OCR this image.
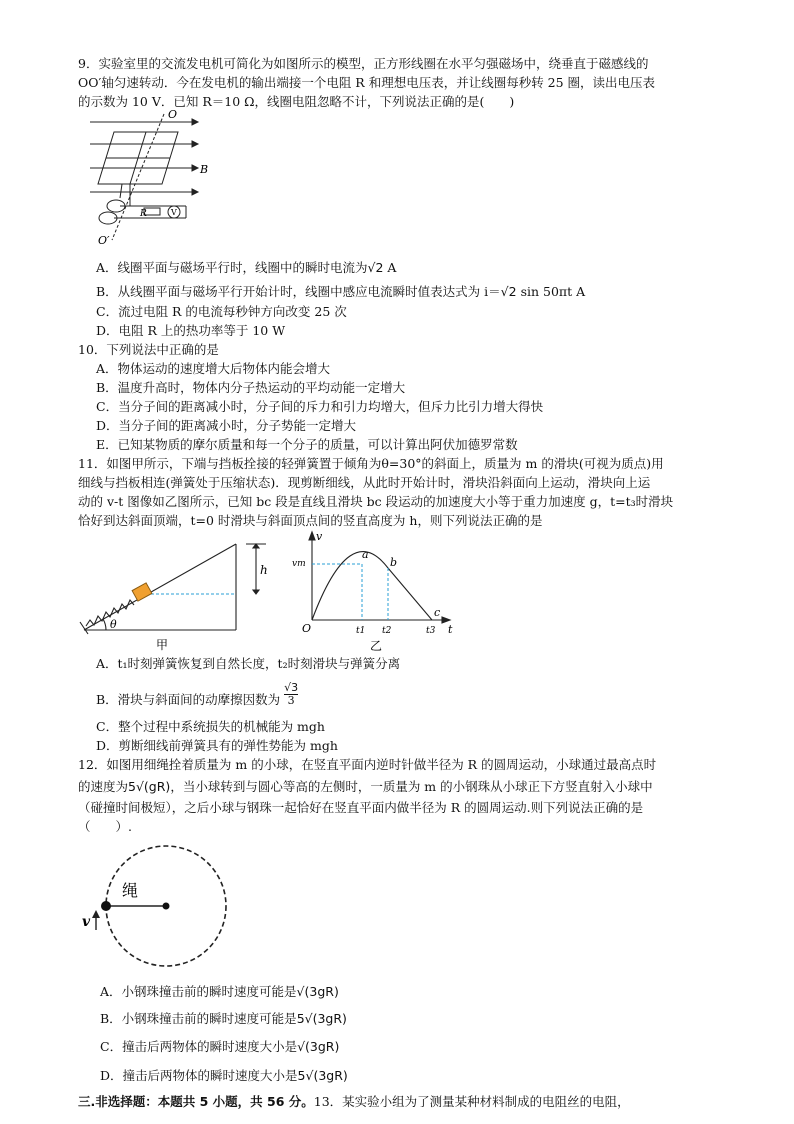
9．实验室里的交流发电机可简化为如图所示的模型，正方形线圈在水平匀强磁场中，绕垂直于磁感线的
OO′轴匀速转动．今在发电机的输出端接一个电阻 R 和理想电压表，并让线圈每秒转 25 圈，读出电压表
的示数为 10 V．已知 R＝10 Ω，线圈电阻忽略不计，下列说法正确的是(　　)
O
B
O′
R	V
A．线圈平面与磁场平行时，线圈中的瞬时电流为√2 A
B．从线圈平面与磁场平行开始计时，线圈中感应电流瞬时值表达式为 i＝√2 sin 50πt A
C．流过电阻 R 的电流每秒钟方向改变 25 次
D．电阻 R 上的热功率等于 10 W
10．下列说法中正确的是
A．物体运动的速度增大后物体内能会增大
B．温度升高时，物体内分子热运动的平均动能一定增大
C．当分子间的距离减小时，分子间的斥力和引力均增大，但斥力比引力增大得快
D．当分子间的距离减小时，分子势能一定增大
E．已知某物质的摩尔质量和每一个分子的质量，可以计算出阿伏加德罗常数
11．如图甲所示，下端与挡板拴接的轻弹簧置于倾角为θ=30°的斜面上，质量为 m 的滑块(可视为质点)用
细线与挡板相连(弹簧处于压缩状态)．现剪断细线，从此时开始计时，滑块沿斜面向上运动，滑块向上运
动的 v-t 图像如乙图所示，已知 bc 段是直线且滑块 bc 段运动的加速度大小等于重力加速度 g，t=t₃时滑块
恰好到达斜面顶端，t=0 时滑块与斜面顶点间的竖直高度为 h，则下列说法正确的是
h
θ
甲
v
vm
a
b
c
O	t1 t2	t3 t
乙
A．t₁时刻弹簧恢复到自然长度，t₂时刻滑块与弹簧分离
B．滑块与斜面间的动摩擦因数为 $\frac{√3}{3}$
C．整个过程中系统损失的机械能为 mgh
D．剪断细线前弹簧具有的弹性势能为 mgh
12．如图用细绳拴着质量为 m 的小球，在竖直平面内逆时针做半径为 R 的圆周运动，小球通过最高点时
的速度为5√(gR)，当小球转到与圆心等高的左侧时，一质量为 m 的小钢珠从小球正下方竖直射入小球中
（碰撞时间极短），之后小球与钢珠一起恰好在竖直平面内做半径为 R 的圆周运动.则下列说法正确的是
（　　）.
绳
v
A．小钢珠撞击前的瞬时速度可能是√(3gR)
B．小钢珠撞击前的瞬时速度可能是5√(3gR)
C．撞击后两物体的瞬时速度大小是√(3gR)
D．撞击后两物体的瞬时速度大小是5√(3gR)
三.非选择题：本题共 5 小题，共 56 分。13．某实验小组为了测量某种材料制成的电阻丝的电阻，
